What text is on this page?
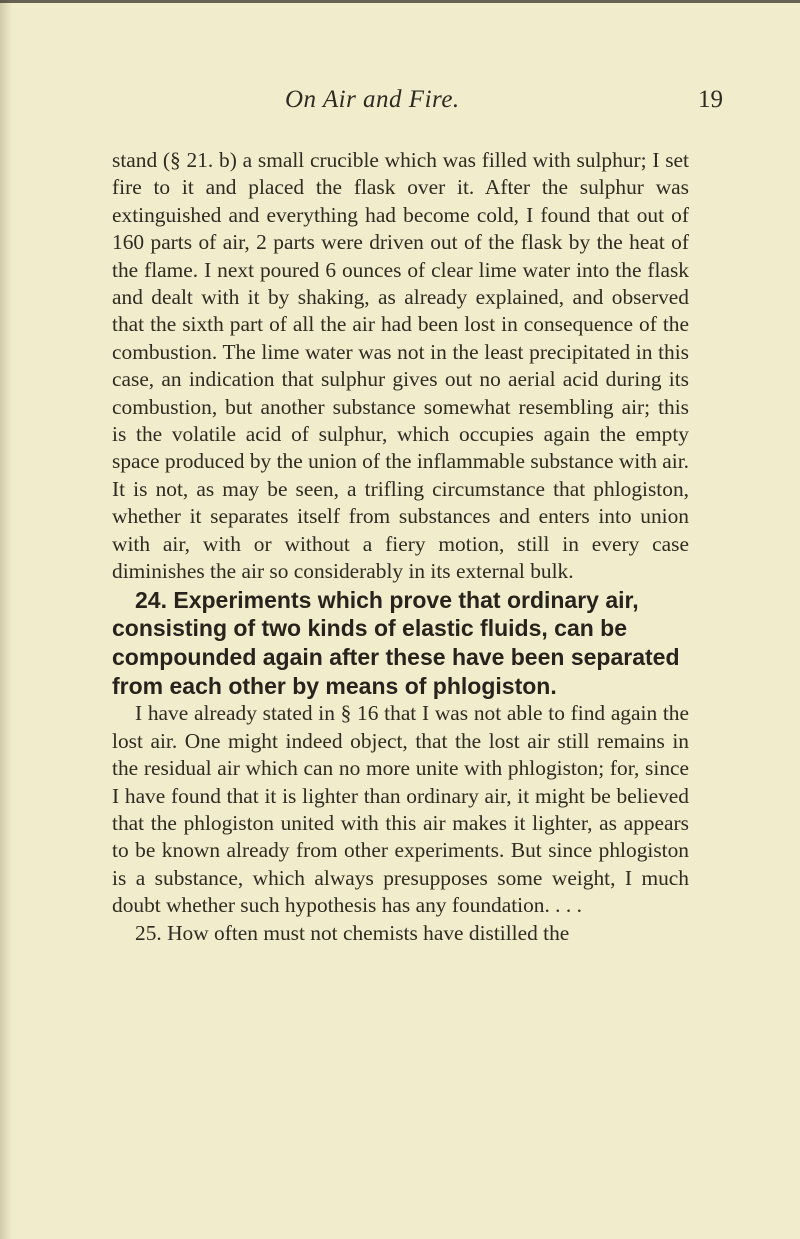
On Air and Fire.	19

stand (§ 21. b) a small crucible which was filled with sulphur; I set fire to it and placed the flask over it. After the sulphur was extinguished and everything had become cold, I found that out of 160 parts of air, 2 parts were driven out of the flask by the heat of the flame. I next poured 6 ounces of clear lime water into the flask and dealt with it by shaking, as already explained, and observed that the sixth part of all the air had been lost in consequence of the combustion. The lime water was not in the least precipitated in this case, an indication that sulphur gives out no aerial acid during its combustion, but another substance somewhat resembling air; this is the volatile acid of sulphur, which occupies again the empty space produced by the union of the inflammable substance with air. It is not, as may be seen, a trifling circumstance that phlogiston, whether it separates itself from substances and enters into union with air, with or without a fiery motion, still in every case diminishes the air so considerably in its external bulk.

24. Experiments which prove that ordinary air, consisting of two kinds of elastic fluids, can be compounded again after these have been separated from each other by means of phlogiston.

I have already stated in § 16 that I was not able to find again the lost air. One might indeed object, that the lost air still remains in the residual air which can no more unite with phlogiston; for, since I have found that it is lighter than ordinary air, it might be believed that the phlogiston united with this air makes it lighter, as appears to be known already from other experiments. But since phlogiston is a substance, which always presupposes some weight, I much doubt whether such hypothesis has any foundation. . . .

25. How often must not chemists have distilled the
